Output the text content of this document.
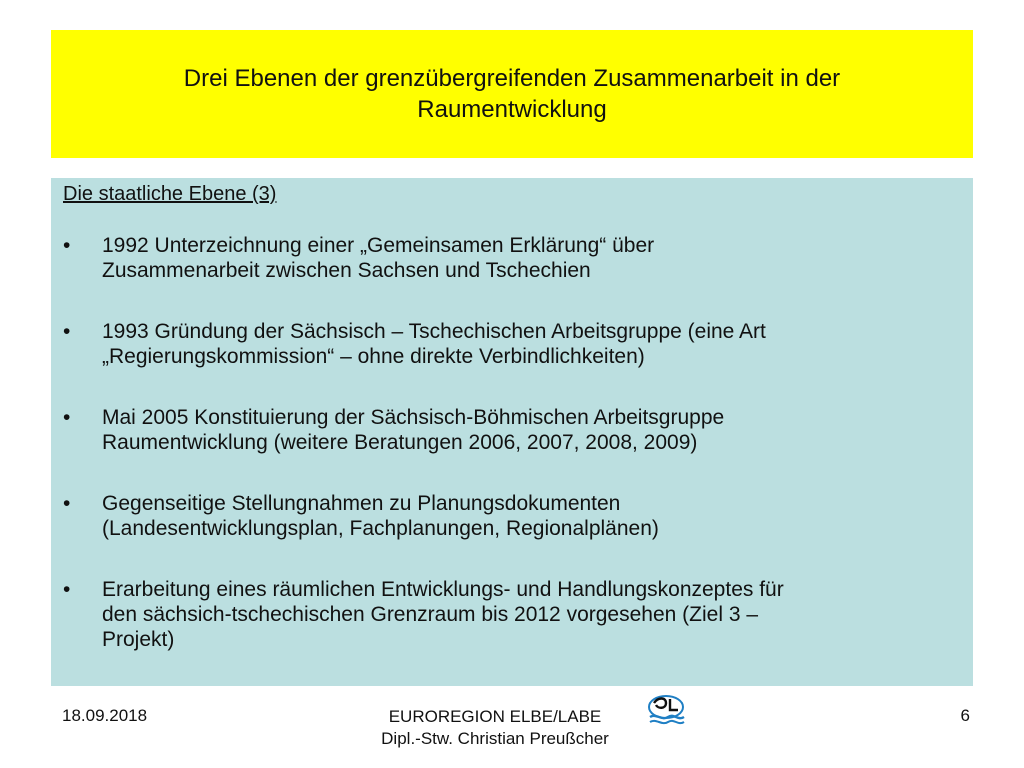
Drei Ebenen der grenzübergreifenden Zusammenarbeit in der
Raumentwicklung
Die staatliche Ebene (3)
•	1992 Unterzeichnung einer „Gemeinsamen Erklärung“ über
Zusammenarbeit zwischen Sachsen und Tschechien
•	1993 Gründung der Sächsisch – Tschechischen Arbeitsgruppe (eine Art
„Regierungskommission“ – ohne direkte Verbindlichkeiten)
•	Mai 2005 Konstituierung der Sächsisch-Böhmischen Arbeitsgruppe
Raumentwicklung (weitere Beratungen 2006, 2007, 2008, 2009)
•	Gegenseitige Stellungnahmen zu Planungsdokumenten
(Landesentwicklungsplan, Fachplanungen, Regionalplänen)
•	Erarbeitung eines räumlichen Entwicklungs- und Handlungskonzeptes für
den sächsich-tschechischen Grenzraum bis 2012 vorgesehen (Ziel 3 –
Projekt)
18.09.2018	EUROREGION ELBE/LABE
Dipl.-Stw. Christian Preußcher
6
